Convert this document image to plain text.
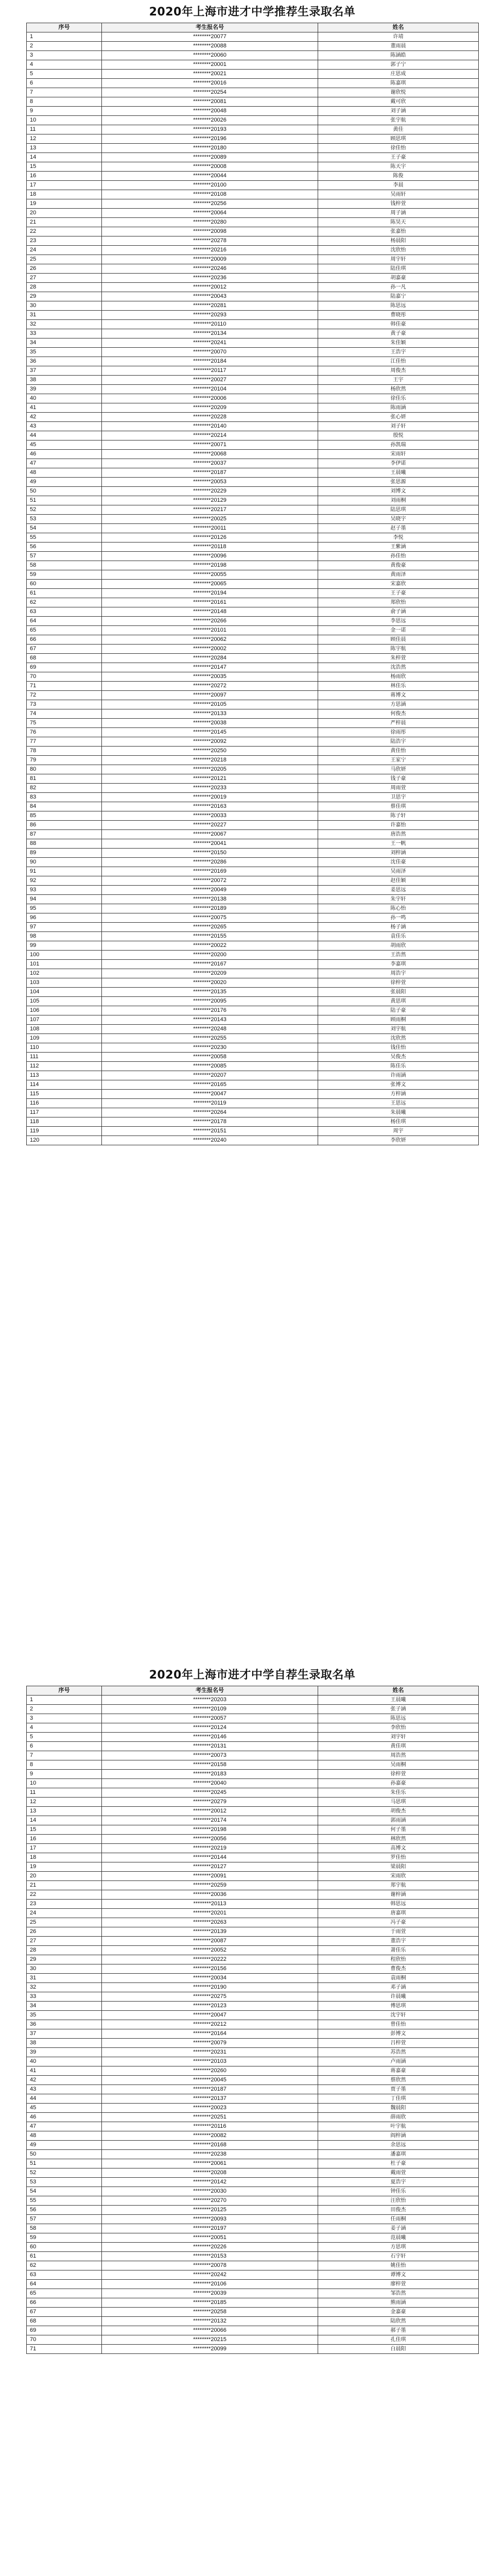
2020年上海市进才中学推荐生录取名单
序号	考生报名号	姓名
1	********20077	许靖
2	********20088	董雨晨
3	********20060	陈涵皓
4	********20001	郭子宁
5	********20021	庄思成
6	********20016	陈嘉琪
7	********20254	谢欣悦
8	********20081	戴可欣
9	********20048	刘子涵
10	********20026	张宇航
11	********20193	黄佳
12	********20196	顾思琪
13	********20180	徐佳怡
14	********20089	王子豪
15	********20008	陈天宇
16	********20044	陈俊
17	********20100	李晨
18	********20108	吴雨轩
19	********20256	钱梓萱
20	********20064	周子涵
21	********20280	陈昊天
22	********20098	张嘉怡
23	********20278	杨晨阳
24	********20216	沈欣怡
25	********20009	周宇轩
26	********20246	陆佳琪
27	********20236	胡嘉豪
28	********20012	孙一凡
29	********20043	陆嘉宁
30	********20281	陈思远
31	********20293	曹晓彤
32	********20110	韩佳豪
33	********20134	黄子豪
34	********20241	朱佳颖
35	********20070	王浩宇
36	********20184	江佳怡
37	********20117	周俊杰
38	********20027	王宇
39	********20104	杨欣然
40	********20006	徐佳乐
41	********20209	陈雨涵
42	********20228	张心妍
43	********20140	刘子轩
44	********20214	殷悦
45	********20071	孙凯瑞
46	********20068	宋雨轩
47	********20037	李伊诺
48	********20187	王晨曦
49	********20053	张思源
50	********20229	刘博文
51	********20129	刘雨桐
52	********20217	陆思琪
53	********20025	吴晓宇
54	********20011	赵子墨
55	********20126	李悦
56	********20118	王紫涵
57	********20096	孙佳怡
58	********20198	黄俊豪
59	********20055	黄雨泽
60	********20065	宋嘉欣
61	********20194	王子豪
62	********20161	郑欣怡
63	********20148	俞子涵
64	********20266	李思远
65	********20101	金一诺
66	********20062	顾佳晨
67	********20002	陈宇航
68	********20284	朱梓萱
69	********20147	沈浩然
70	********20035	杨雨欣
71	********20272	林佳乐
72	********20097	蒋博文
73	********20105	方思涵
74	********20133	何俊杰
75	********20038	严梓晨
76	********20145	徐雨彤
77	********20092	陆浩宇
78	********20250	黄佳怡
79	********20218	王家宁
80	********20205	马欣妍
81	********20121	钱子豪
82	********20233	周雨萱
83	********20019	卫思宇
84	********20163	蔡佳琪
85	********20033	陈子轩
86	********20227	许嘉怡
87	********20067	唐浩然
88	********20041	王一帆
89	********20150	刘梓涵
90	********20286	沈佳豪
91	********20169	吴雨泽
92	********20072	赵佳颖
93	********20049	姜思远
94	********20138	朱宇轩
95	********20189	陈心怡
96	********20075	孙一鸣
97	********20265	杨子涵
98	********20155	袁佳乐
99	********20022	胡雨欣
100	********20200	王浩然
101	********20167	李嘉琪
102	********20209	周浩宇
103	********20020	徐梓萱
104	********20135	张晨阳
105	********20095	黄思琪
106	********20176	陆子豪
107	********20143	顾雨桐
108	********20248	刘宇航
109	********20255	沈欣然
110	********20230	钱佳怡
111	********20058	吴俊杰
112	********20085	陈佳乐
113	********20207	许雨涵
114	********20165	张博文
115	********20047	方梓涵
116	********20119	王思远
117	********20264	朱晨曦
118	********20178	杨佳琪
119	********20151	周宇
120	********20240	李欣妍
2020年上海市进才中学自荐生录取名单
序号	考生报名号	姓名
1	********20203	王晨曦
2	********20109	张子涵
3	********20057	陈思远
4	********20124	李欣怡
5	********20146	刘宇轩
6	********20131	黄佳琪
7	********20073	周浩然
8	********20158	吴雨桐
9	********20183	徐梓萱
10	********20040	孙嘉豪
11	********20245	朱佳乐
12	********20279	马思琪
13	********20012	胡俊杰
14	********20174	郭雨涵
15	********20198	何子墨
16	********20056	林欣然
17	********20219	高博文
18	********20144	罗佳怡
19	********20127	梁晨阳
20	********20091	宋雨欣
21	********20259	郑宇航
22	********20036	谢梓涵
23	********20113	韩思远
24	********20201	唐嘉琪
25	********20263	冯子豪
26	********20139	于雨萱
27	********20087	董浩宇
28	********20052	萧佳乐
29	********20222	程欣怡
30	********20156	曹俊杰
31	********20034	袁雨桐
32	********20190	邓子涵
33	********20275	许晨曦
34	********20123	傅思琪
35	********20047	沈宇轩
36	********20212	曾佳怡
37	********20164	彭博文
38	********20079	吕梓萱
39	********20231	苏浩然
40	********20103	卢雨涵
41	********20260	蒋嘉豪
42	********20045	蔡欣然
43	********20187	贾子墨
44	********20137	丁佳琪
45	********20023	魏晨阳
46	********20251	薛雨欣
47	********20116	叶宇航
48	********20082	阎梓涵
49	********20168	余思远
50	********20238	潘嘉琪
51	********20061	杜子豪
52	********20208	戴雨萱
53	********20142	夏浩宇
54	********20030	钟佳乐
55	********20270	汪欣怡
56	********20125	田俊杰
57	********20093	任雨桐
58	********20197	姜子涵
59	********20051	范晨曦
60	********20226	方思琪
61	********20153	石宇轩
62	********20078	姚佳怡
63	********20242	谭博文
64	********20106	廖梓萱
65	********20039	邹浩然
66	********20185	熊雨涵
67	********20258	金嘉豪
68	********20132	陆欣然
69	********20066	郝子墨
70	********20215	孔佳琪
71	********20099	白晨阳
